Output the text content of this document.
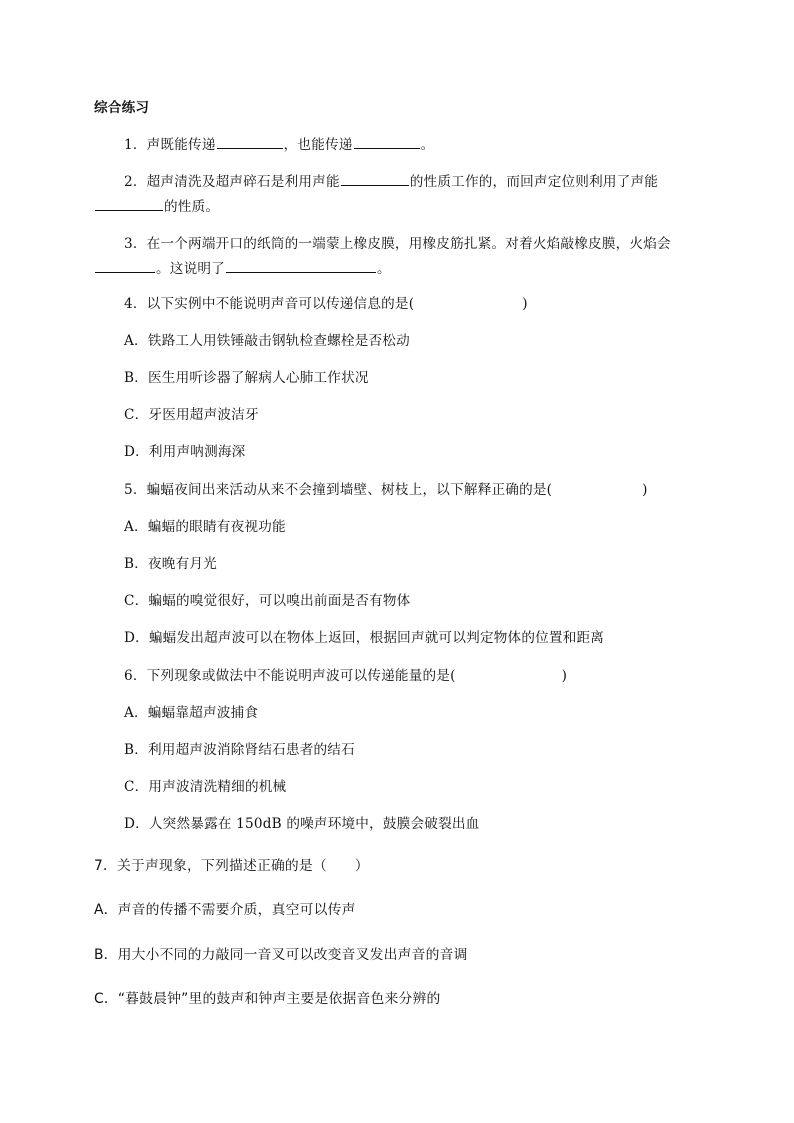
综合练习
1．声既能传递	，也能传递	。
2．超声清洗及超声碎石是利用声能	的性质工作的，而回声定位则利用了声能
的性质。
3．在一个两端开口的纸筒的一端蒙上橡皮膜，用橡皮筋扎紧。对着火焰敲橡皮膜，火焰会
。这说明了	。
4．以下实例中不能说明声音可以传递信息的是(	)
A．铁路工人用铁锤敲击钢轨检查螺栓是否松动
B．医生用听诊器了解病人心肺工作状况
C．牙医用超声波洁牙
D．利用声呐测海深
5．蝙蝠夜间出来活动从来不会撞到墙壁、树枝上，以下解释正确的是(	)
A．蝙蝠的眼睛有夜视功能
B．夜晚有月光
C．蝙蝠的嗅觉很好，可以嗅出前面是否有物体
D．蝙蝠发出超声波可以在物体上返回，根据回声就可以判定物体的位置和距离
6．下列现象或做法中不能说明声波可以传递能量的是(	)
A．蝙蝠靠超声波捕食
B．利用超声波消除肾结石患者的结石
C．用声波清洗精细的机械
D．人突然暴露在 150dB 的噪声环境中，鼓膜会破裂出血
7．关于声现象，下列描述正确的是（　　）
A．声音的传播不需要介质，真空可以传声
B．用大小不同的力敲同一音叉可以改变音叉发出声音的音调
C．“暮鼓晨钟”里的鼓声和钟声主要是依据音色来分辨的
